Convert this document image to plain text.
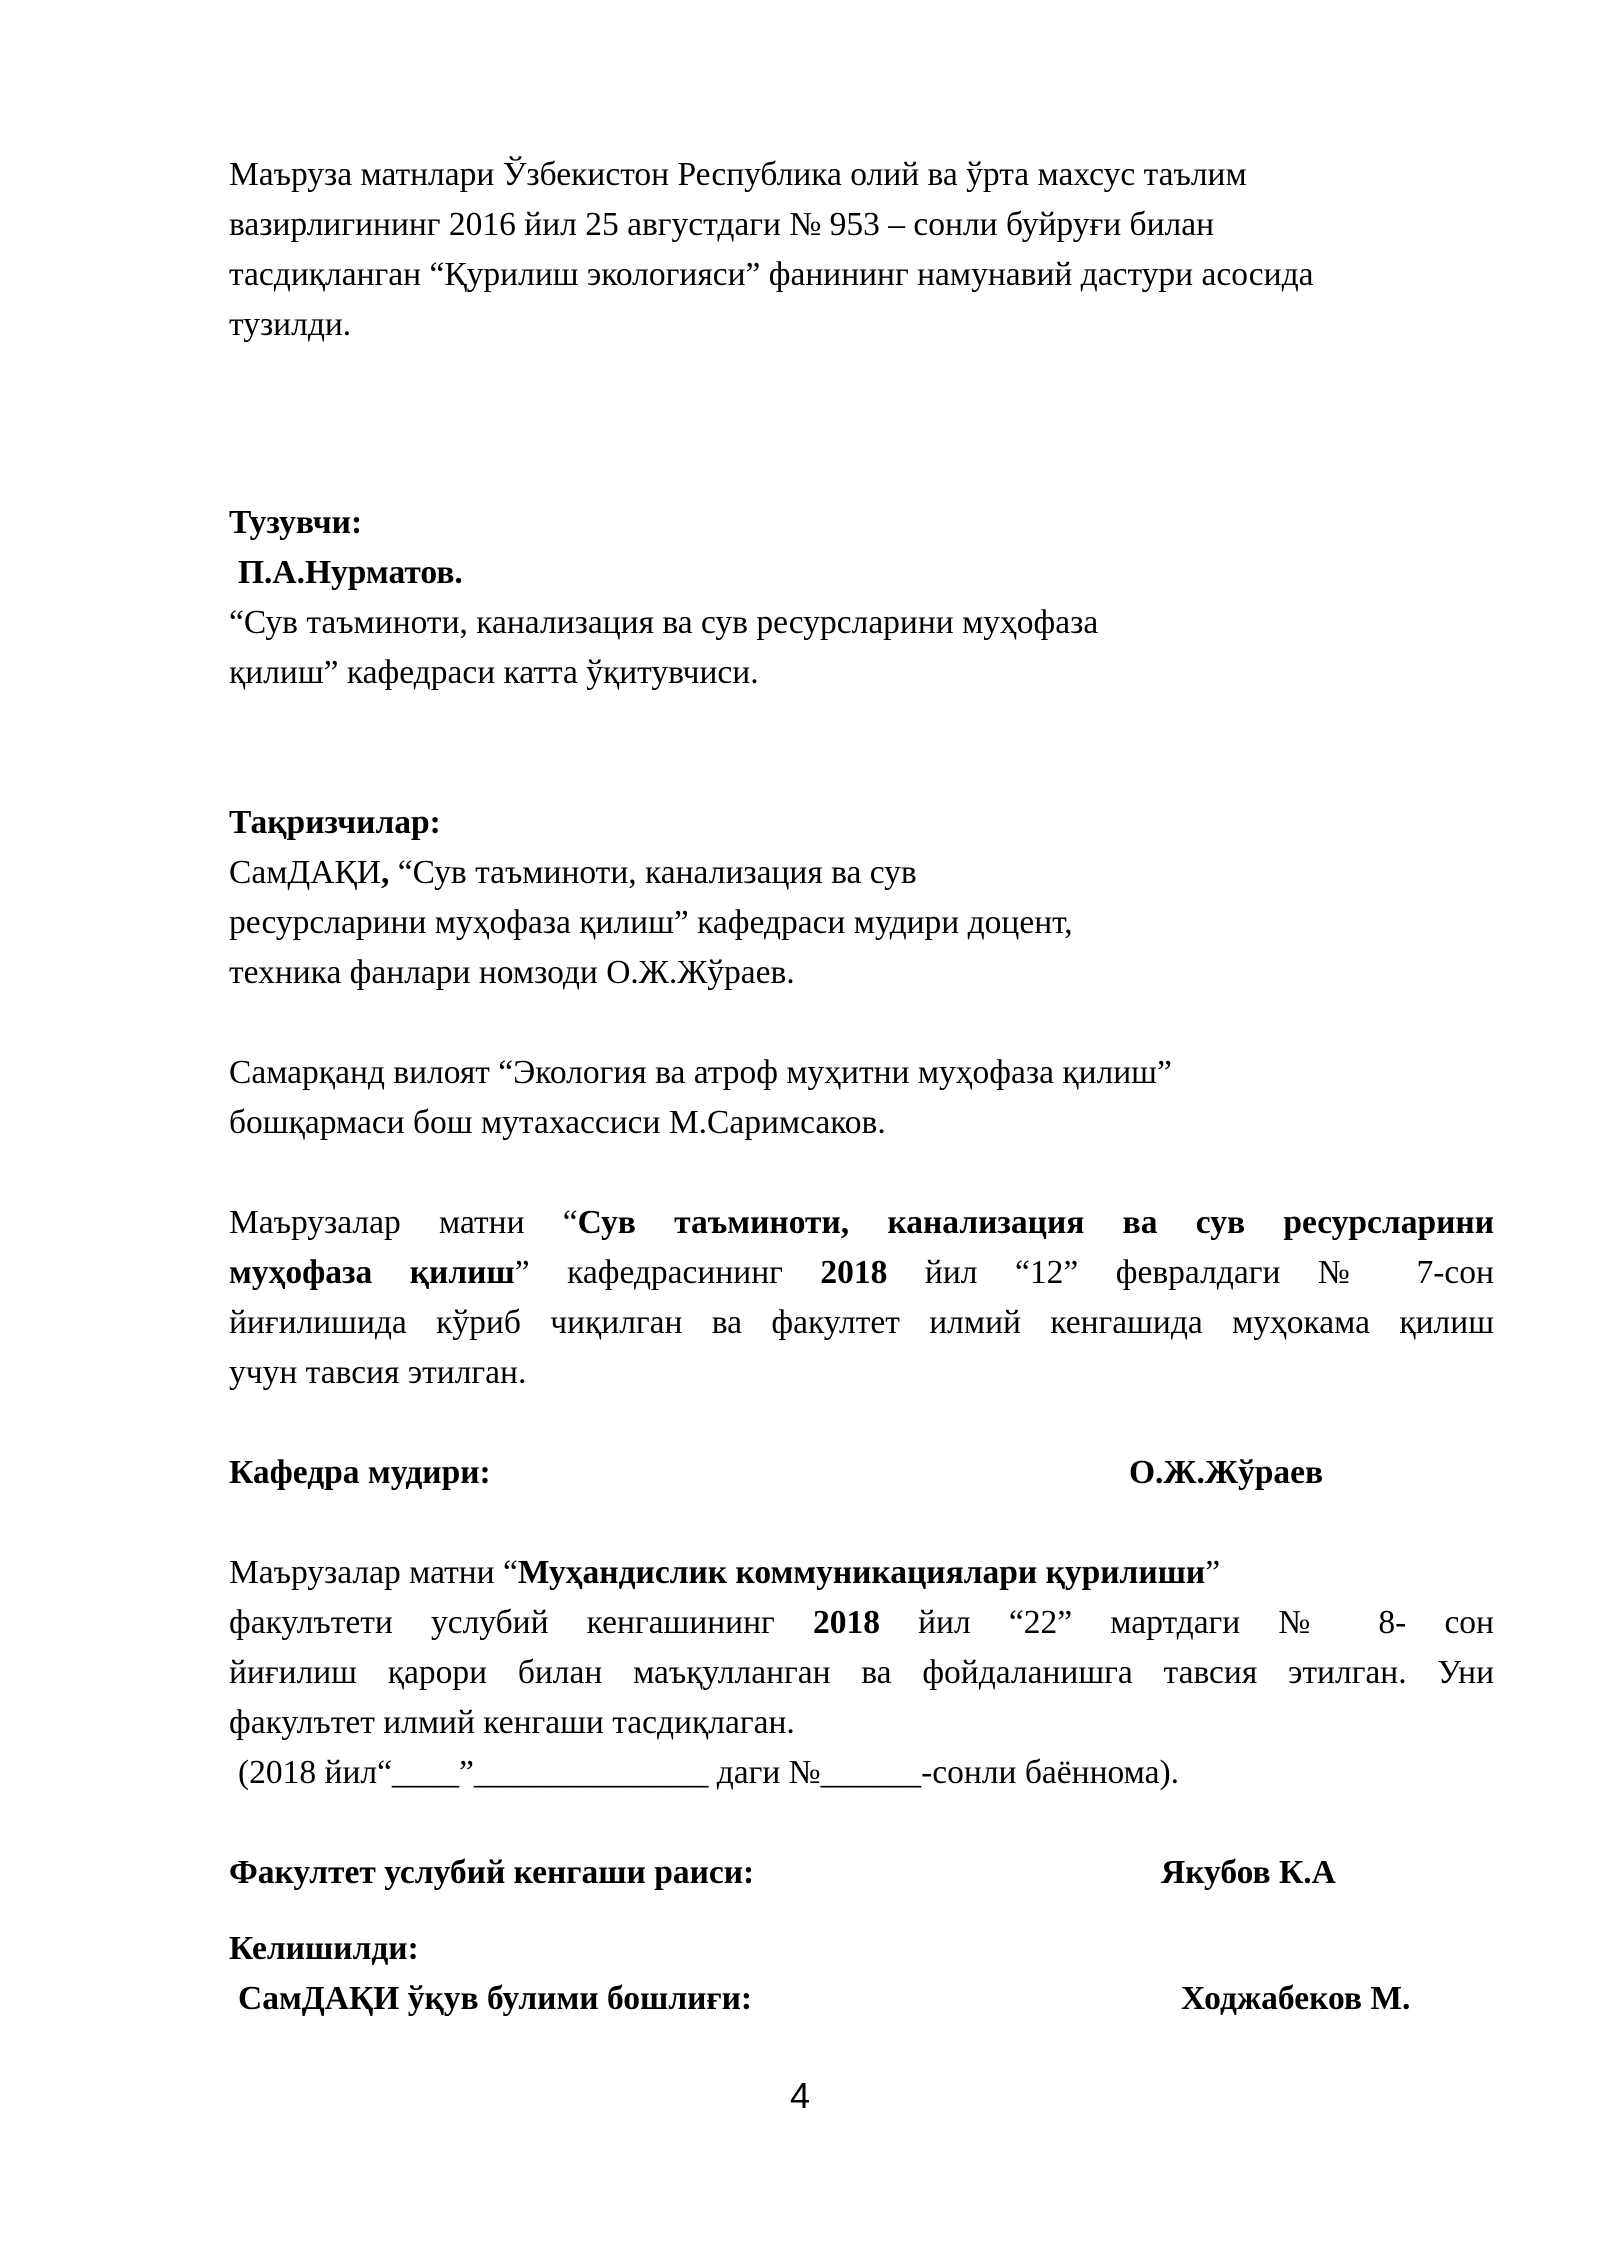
Маъруза матнлари Ўзбекистон Республика олий ва ўрта махсус таълим
вазирлигининг 2016 йил 25 августдаги № 953 – сонли буйруғи билан
тасдиқланган “Қурилиш экологияси” фанининг намунавий дастури асосида
тузилди.
Тузувчи:
П.А.Нурматов.
“Сув таъминоти, канализация ва сув ресурсларини муҳофаза
қилиш” кафедраси катта ўқитувчиси.
Тақризчилар:
СамДАҚИ, “Сув таъминоти, канализация ва сув
ресурсларини муҳофаза қилиш” кафедраси мудири доцент,
техника фанлари номзоди О.Ж.Жўраев.
Самарқанд вилоят “Экология ва атроф муҳитни муҳофаза қилиш”
бошқармаси бош мутахассиси М.Саримсаков.
Маърузалар матни “Сув таъминоти, канализация ва сув ресурсларини
муҳофаза қилиш” кафедрасининг 2018 йил “12” февралдаги № 7-сон
йиғилишида кўриб чиқилган ва факултет илмий кенгашида муҳокама қилиш
учун тавсия этилган.
Кафедра мудири:	О.Ж.Жўраев
Маърузалар матни “Муҳандислик коммуникациялари қурилиши”
факулътети услубий кенгашининг 2018 йил “22” мартдаги № 8- сон
йиғилиш қарори билан маъқулланган ва фойдаланишга тавсия этилган. Уни
факулътет илмий кенгаши тасдиқлаган.
(2018 йил“____”______________ даги №______-сонли баённома).
Факултет услубий кенгаши раиси:	Якубов К.А
Келишилди:
СамДАҚИ ўқув булими бошлиғи:	Ходжабеков М.
4
